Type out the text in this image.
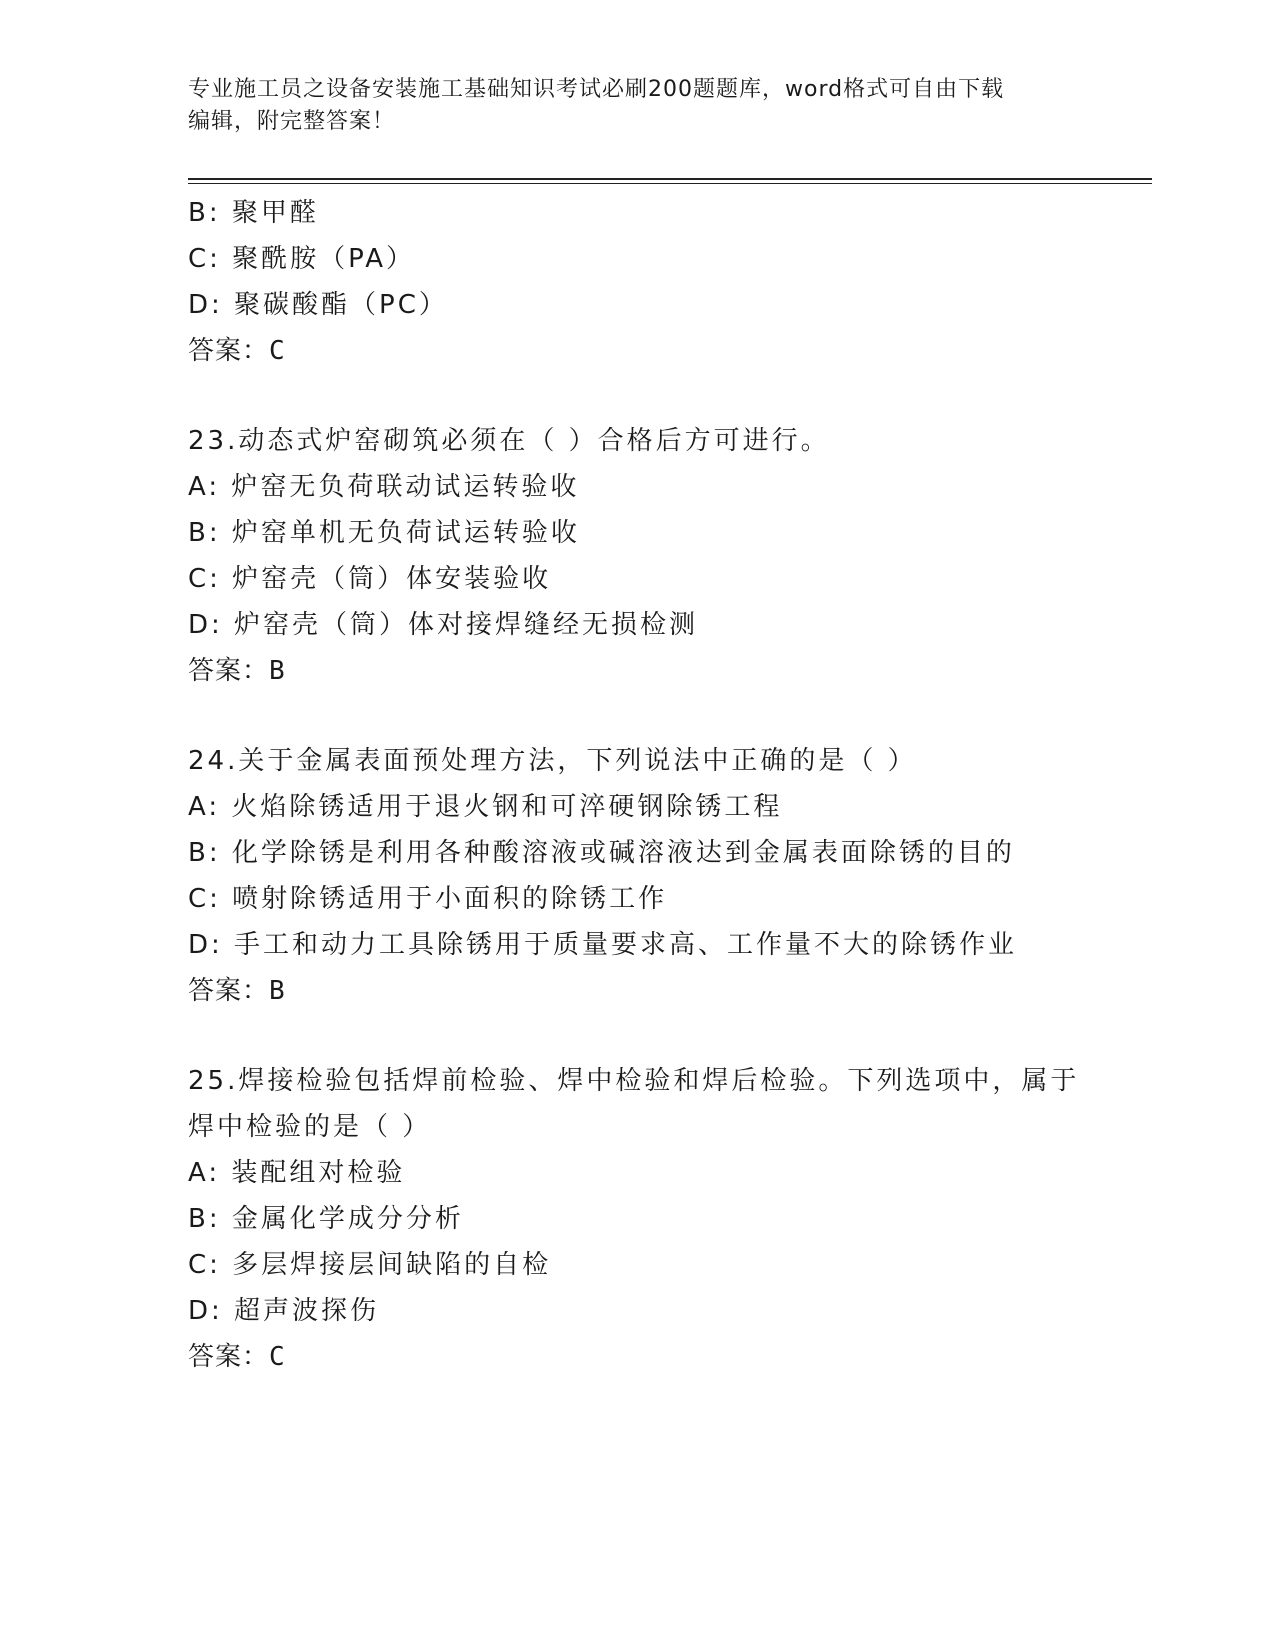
专业施工员之设备安装施工基础知识考试必刷200题题库，word格式可自由下载
编辑，附完整答案！
B: 聚甲醛
C: 聚酰胺（PA）
D: 聚碳酸酯（PC）
答案：C
23.动态式炉窑砌筑必须在（ ）合格后方可进行。
A: 炉窑无负荷联动试运转验收
B: 炉窑单机无负荷试运转验收
C: 炉窑壳（筒）体安装验收
D: 炉窑壳（筒）体对接焊缝经无损检测
答案：B
24.关于金属表面预处理方法，下列说法中正确的是（ ）
A: 火焰除锈适用于退火钢和可淬硬钢除锈工程
B: 化学除锈是利用各种酸溶液或碱溶液达到金属表面除锈的目的
C: 喷射除锈适用于小面积的除锈工作
D: 手工和动力工具除锈用于质量要求高、工作量不大的除锈作业
答案：B
25.焊接检验包括焊前检验、焊中检验和焊后检验。下列选项中，属于
焊中检验的是（ ）
A: 装配组对检验
B: 金属化学成分分析
C: 多层焊接层间缺陷的自检
D: 超声波探伤
答案：C
